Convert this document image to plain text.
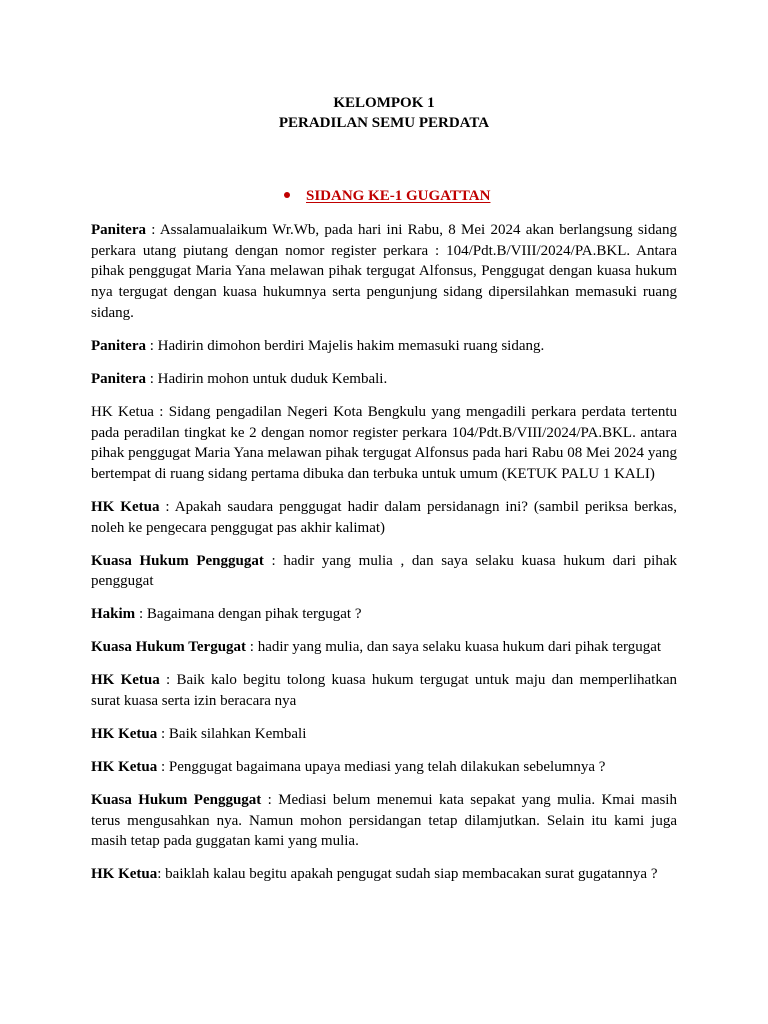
KELOMPOK 1
PERADILAN SEMU PERDATA
SIDANG KE-1 GUGATTAN

Panitera : Assalamualaikum Wr.Wb, pada hari ini Rabu, 8 Mei 2024 akan berlangsung sidang perkara utang piutang dengan nomor register perkara : 104/Pdt.B/VIII/2024/PA.BKL. Antara pihak penggugat Maria Yana melawan pihak tergugat Alfonsus, Penggugat dengan kuasa hukum nya tergugat dengan kuasa hukumnya serta pengunjung sidang dipersilahkan memasuki ruang sidang.

Panitera : Hadirin dimohon berdiri Majelis hakim memasuki ruang sidang.

Panitera : Hadirin mohon untuk duduk Kembali.

HK Ketua : Sidang pengadilan Negeri Kota Bengkulu yang mengadili perkara perdata tertentu pada peradilan tingkat ke 2 dengan nomor register perkara 104/Pdt.B/VIII/2024/PA.BKL. antara pihak penggugat Maria Yana melawan pihak tergugat Alfonsus pada hari Rabu 08 Mei 2024 yang bertempat di ruang sidang pertama dibuka dan terbuka untuk umum (KETUK PALU 1 KALI)

HK Ketua : Apakah saudara penggugat hadir dalam persidanagn ini? (sambil periksa berkas, noleh ke pengecara penggugat pas akhir kalimat)

Kuasa Hukum Penggugat : hadir yang mulia , dan saya selaku kuasa hukum dari pihak penggugat

Hakim : Bagaimana dengan pihak tergugat ?

Kuasa Hukum Tergugat : hadir yang mulia, dan saya selaku kuasa hukum dari pihak tergugat

HK Ketua : Baik kalo begitu tolong kuasa hukum tergugat untuk maju dan memperlihatkan surat kuasa serta izin beracara nya

HK Ketua : Baik silahkan Kembali

HK Ketua : Penggugat bagaimana upaya mediasi yang telah dilakukan sebelumnya ?

Kuasa Hukum Penggugat : Mediasi belum menemui kata sepakat yang mulia. Kmai masih terus mengusahkan nya. Namun mohon persidangan tetap dilamjutkan. Selain itu kami juga masih tetap pada guggatan kami yang mulia.

HK Ketua: baiklah kalau begitu apakah pengugat sudah siap membacakan surat gugatannya ?
